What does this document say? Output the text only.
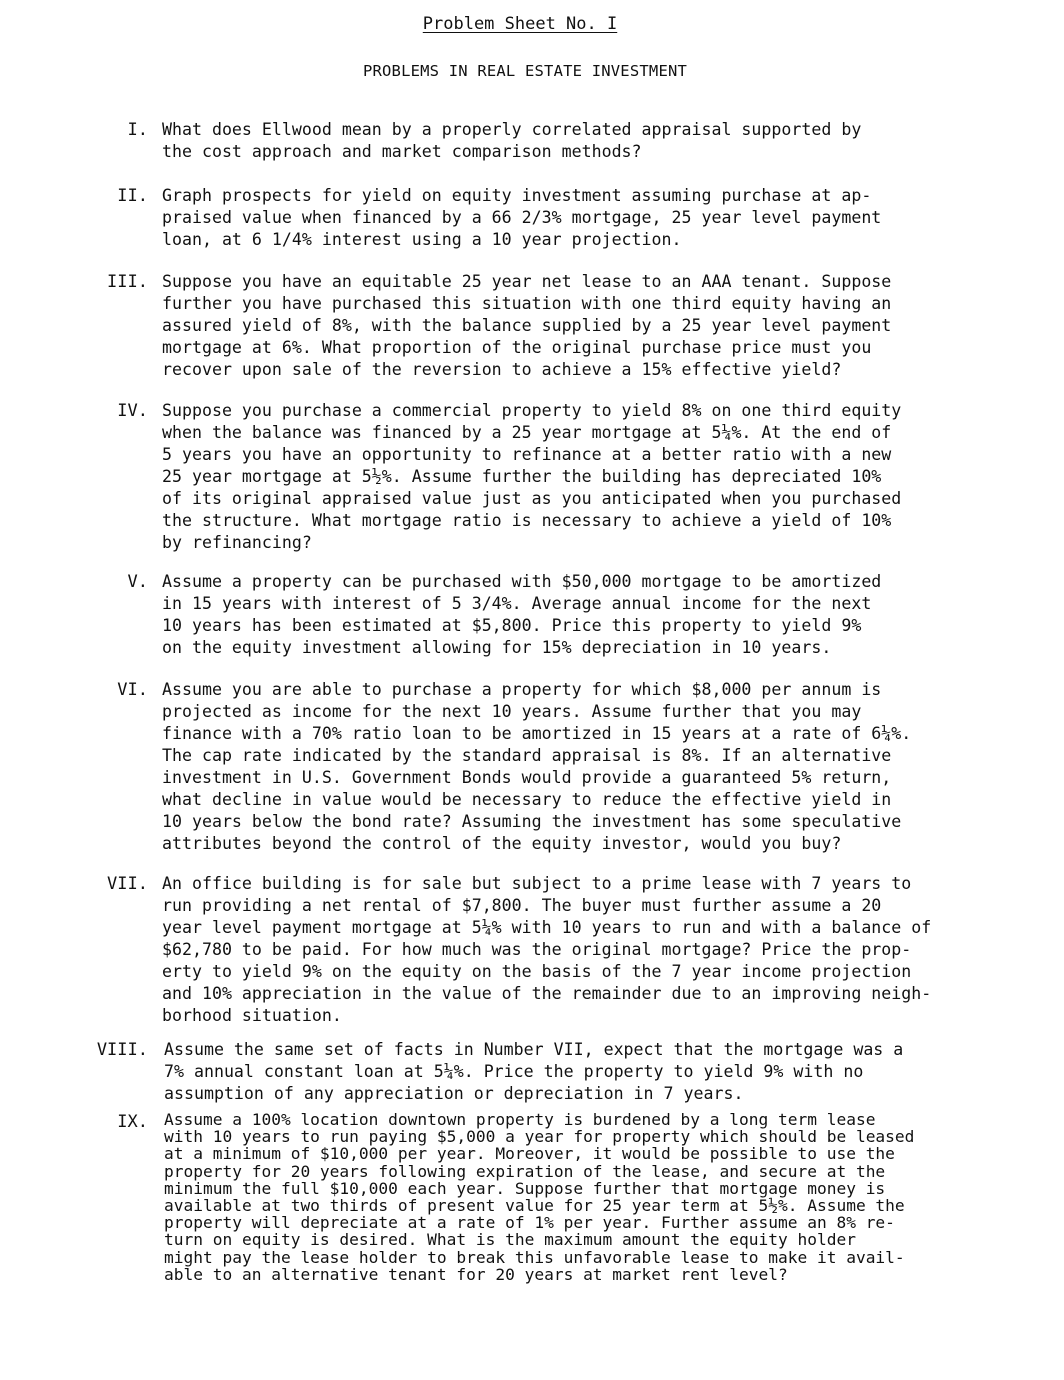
Problem Sheet No. I
PROBLEMS IN REAL ESTATE INVESTMENT
I. What does Ellwood mean by a properly correlated appraisal supported by
the cost approach and market comparison methods?
II. Graph prospects for yield on equity investment assuming purchase at ap-
praised value when financed by a 66 2/3% mortgage, 25 year level payment
loan, at 6 1/4% interest using a 10 year projection.
III. Suppose you have an equitable 25 year net lease to an AAA tenant. Suppose
further you have purchased this situation with one third equity having an
assured yield of 8%, with the balance supplied by a 25 year level payment
mortgage at 6%. What proportion of the original purchase price must you
recover upon sale of the reversion to achieve a 15% effective yield?
IV. Suppose you purchase a commercial property to yield 8% on one third equity
when the balance was financed by a 25 year mortgage at 5¼%. At the end of
5 years you have an opportunity to refinance at a better ratio with a new
25 year mortgage at 5½%. Assume further the building has depreciated 10%
of its original appraised value just as you anticipated when you purchased
the structure. What mortgage ratio is necessary to achieve a yield of 10%
by refinancing?
V. Assume a property can be purchased with $50,000 mortgage to be amortized
in 15 years with interest of 5 3/4%. Average annual income for the next
10 years has been estimated at $5,800. Price this property to yield 9%
on the equity investment allowing for 15% depreciation in 10 years.
VI. Assume you are able to purchase a property for which $8,000 per annum is
projected as income for the next 10 years. Assume further that you may
finance with a 70% ratio loan to be amortized in 15 years at a rate of 6¼%.
The cap rate indicated by the standard appraisal is 8%. If an alternative
investment in U.S. Government Bonds would provide a guaranteed 5% return,
what decline in value would be necessary to reduce the effective yield in
10 years below the bond rate? Assuming the investment has some speculative
attributes beyond the control of the equity investor, would you buy?
VII. An office building is for sale but subject to a prime lease with 7 years to
run providing a net rental of $7,800. The buyer must further assume a 20
year level payment mortgage at 5¼% with 10 years to run and with a balance of
$62,780 to be paid. For how much was the original mortgage? Price the prop-
erty to yield 9% on the equity on the basis of the 7 year income projection
and 10% appreciation in the value of the remainder due to an improving neigh-
borhood situation.
VIII. Assume the same set of facts in Number VII, expect that the mortgage was a
7% annual constant loan at 5¼%. Price the property to yield 9% with no
assumption of any appreciation or depreciation in 7 years.
IX. Assume a 100% location downtown property is burdened by a long term lease
with 10 years to run paying $5,000 a year for property which should be leased
at a minimum of $10,000 per year. Moreover, it would be possible to use the
property for 20 years following expiration of the lease, and secure at the
minimum the full $10,000 each year. Suppose further that mortgage money is
available at two thirds of present value for 25 year term at 5½%. Assume the
property will depreciate at a rate of 1% per year. Further assume an 8% re-
turn on equity is desired. What is the maximum amount the equity holder
might pay the lease holder to break this unfavorable lease to make it avail-
able to an alternative tenant for 20 years at market rent level?
